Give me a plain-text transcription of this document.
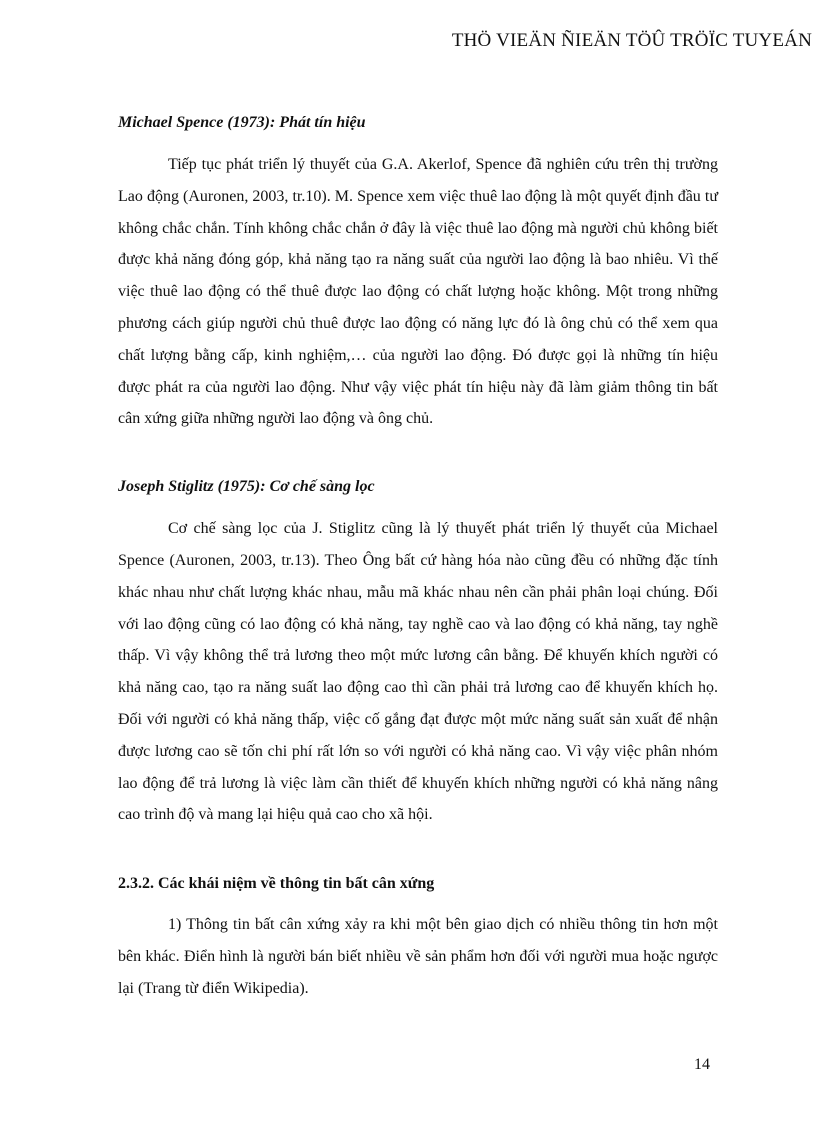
THÖ VIEÄN ÑIEÄN TÖÛ TRÖÏC TUYEÁN
Michael Spence (1973): Phát tín hiệu

Tiếp tục phát triển lý thuyết của G.A. Akerlof, Spence đã nghiên cứu trên thị trường Lao động (Auronen, 2003, tr.10). M. Spence xem việc thuê lao động là một quyết định đầu tư không chắc chắn. Tính không chắc chắn ở đây là việc thuê lao động mà người chủ không biết được khả năng đóng góp, khả năng tạo ra năng suất của người lao động là bao nhiêu. Vì thế việc thuê lao động có thể thuê được lao động có chất lượng hoặc không. Một trong những phương cách giúp người chủ thuê được lao động có năng lực đó là ông chủ có thể xem qua chất lượng bằng cấp, kinh nghiệm,… của người lao động. Đó được gọi là những tín hiệu được phát ra của người lao động. Như vậy việc phát tín hiệu này đã làm giảm thông tin bất cân xứng giữa những người lao động và ông chủ.

Joseph Stiglitz (1975): Cơ chế sàng lọc

Cơ chế sàng lọc của J. Stiglitz cũng là lý thuyết phát triển lý thuyết của Michael Spence (Auronen, 2003, tr.13). Theo Ông bất cứ hàng hóa nào cũng đều có những đặc tính khác nhau như chất lượng khác nhau, mẫu mã khác nhau nên cần phải phân loại chúng. Đối với lao động cũng có lao động có khả năng, tay nghề cao và lao động có khả năng, tay nghề thấp. Vì vậy không thể trả lương theo một mức lương cân bằng. Để khuyến khích người có khả năng cao, tạo ra năng suất lao động cao thì cần phải trả lương cao để khuyến khích họ. Đối với người có khả năng thấp, việc cố gắng đạt được một mức năng suất sản xuất để nhận được lương cao sẽ tốn chi phí rất lớn so với người có khả năng cao. Vì vậy việc phân nhóm lao động để trả lương là việc làm cần thiết để khuyến khích những người có khả năng nâng cao trình độ và mang lại hiệu quả cao cho xã hội.

2.3.2. Các khái niệm về thông tin bất cân xứng

1) Thông tin bất cân xứng xảy ra khi một bên giao dịch có nhiều thông tin hơn một bên khác. Điển hình là người bán biết nhiều về sản phẩm hơn đối với người mua hoặc ngược lại (Trang từ điển Wikipedia).

14
